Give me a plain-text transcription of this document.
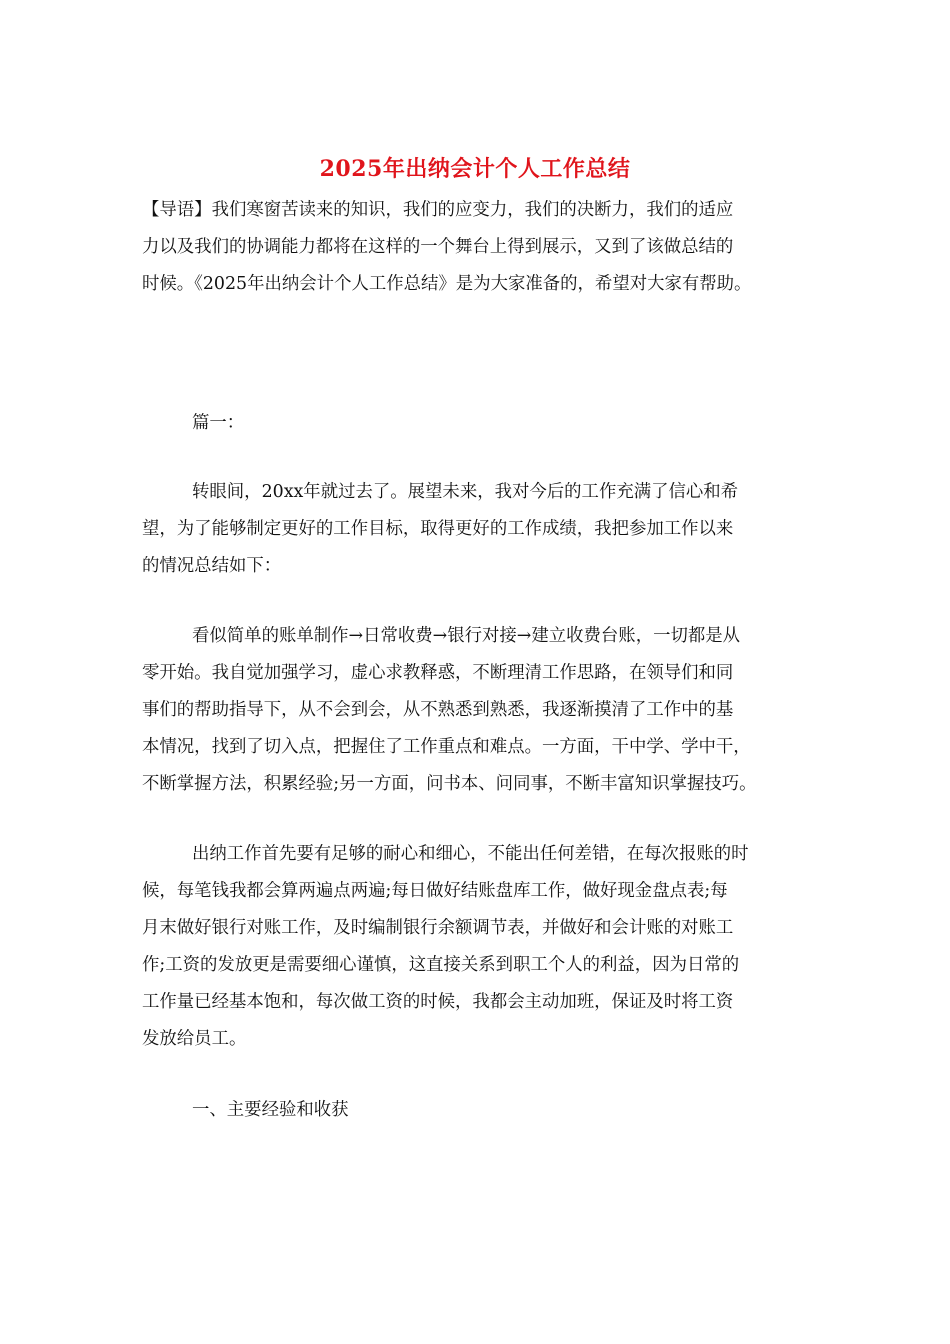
2025年出纳会计个人工作总结
【导语】我们寒窗苦读来的知识，我们的应变力，我们的决断力，我们的适应
力以及我们的协调能力都将在这样的一个舞台上得到展示，又到了该做总结的
时候。《2025年出纳会计个人工作总结》是为大家准备的，希望对大家有帮助。
篇一：
转眼间，20xx年就过去了。展望未来，我对今后的工作充满了信心和希
望，为了能够制定更好的工作目标，取得更好的工作成绩，我把参加工作以来
的情况总结如下：
看似简单的账单制作→日常收费→银行对接→建立收费台账，一切都是从
零开始。我自觉加强学习，虚心求教释惑，不断理清工作思路，在领导们和同
事们的帮助指导下，从不会到会，从不熟悉到熟悉，我逐渐摸清了工作中的基
本情况，找到了切入点，把握住了工作重点和难点。一方面，干中学、学中干，
不断掌握方法，积累经验;另一方面，问书本、问同事，不断丰富知识掌握技巧。
出纳工作首先要有足够的耐心和细心，不能出任何差错，在每次报账的时
候，每笔钱我都会算两遍点两遍;每日做好结账盘库工作，做好现金盘点表;每
月末做好银行对账工作，及时编制银行余额调节表，并做好和会计账的对账工
作;工资的发放更是需要细心谨慎，这直接关系到职工个人的利益，因为日常的
工作量已经基本饱和，每次做工资的时候，我都会主动加班，保证及时将工资
发放给员工。
一、主要经验和收获
